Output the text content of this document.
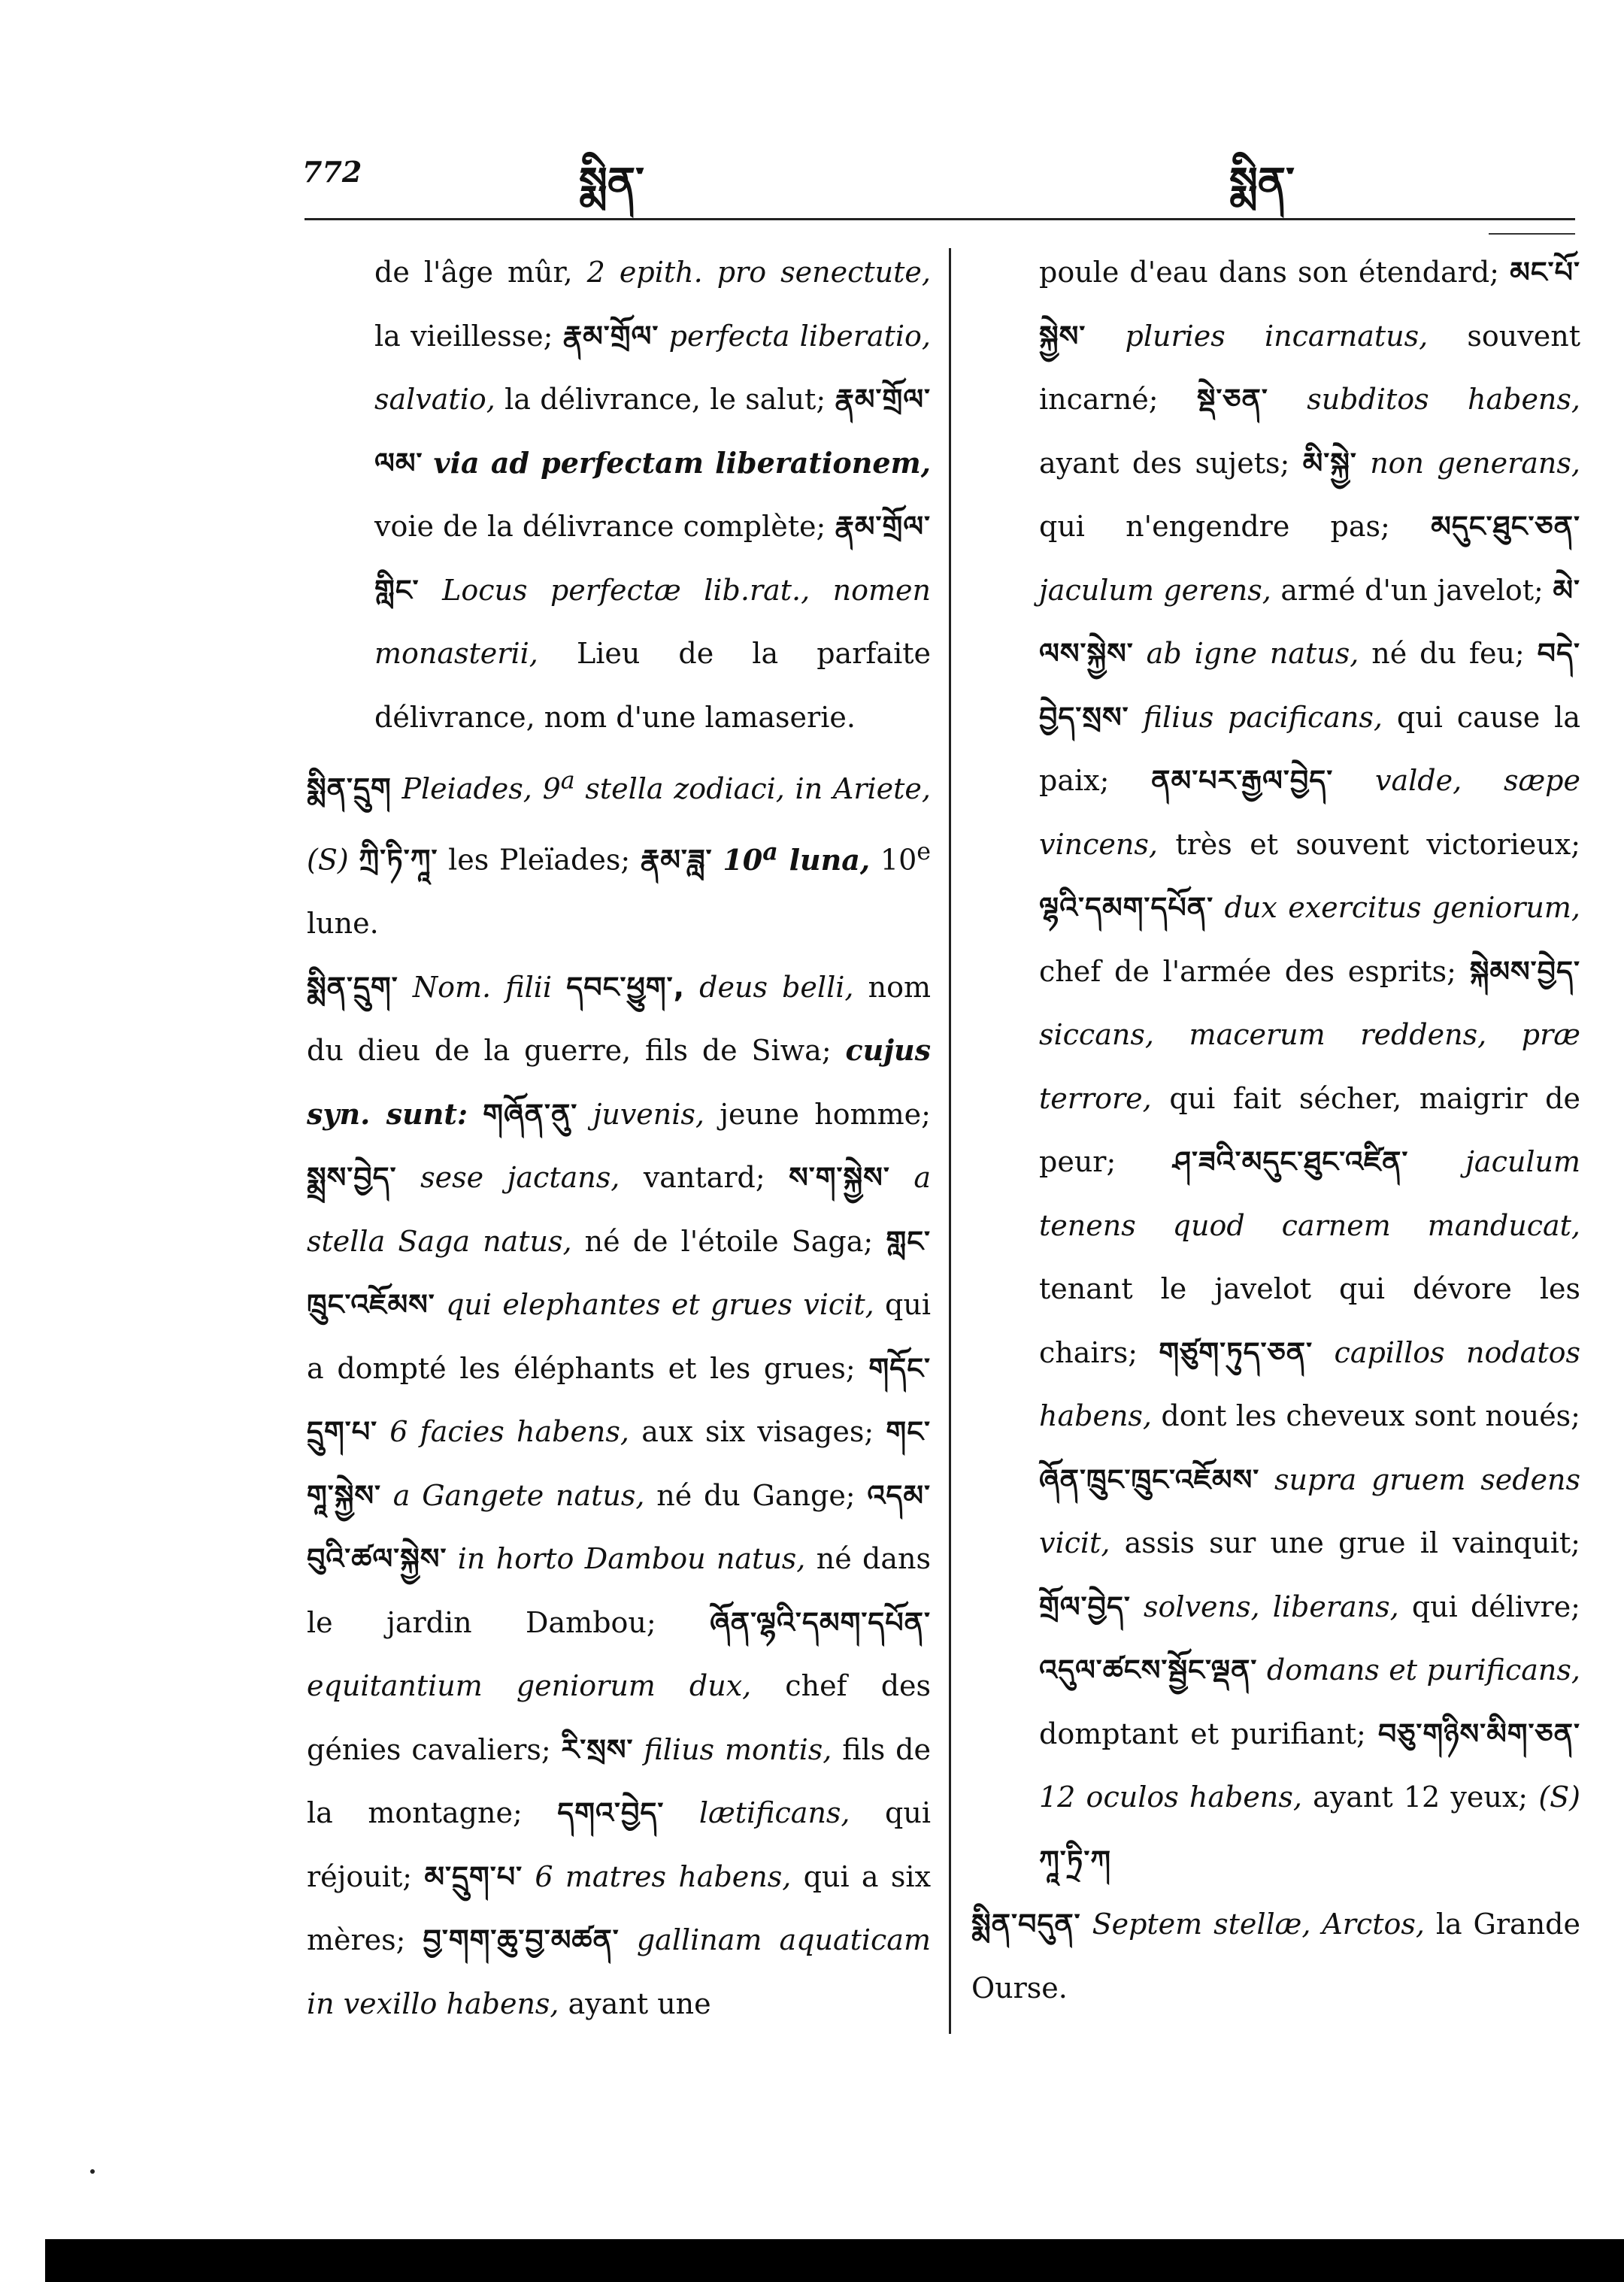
772	སྨིན་	སྨིན་

de l'âge mûr, 2 epith. pro senectute, la vieillesse; རྣམ་གྲོལ་ perfecta liberatio, salvatio, la délivrance, le salut; རྣམ་གྲོལ་ལམ་ via ad perfectam liberationem, voie de la délivrance complète; རྣམ་གྲོལ་གླིང་ Locus perfectæ lib.rat., nomen monasterii, Lieu de la parfaite délivrance, nom d'une lamaserie.

སྨིན་དྲུག Pleiades, 9$^a$ stella zodiaci, in Ariete, (S) ཀྲི་ཏི་ཀཱ་ les Pleïades; རྣམ་ཟླ་ 10$^a$ luna, 10e lune.

སྨིན་དྲུག་ Nom. filii དབང་ཕྱུག་, deus belli, nom du dieu de la guerre, fils de Siwa; cujus syn. sunt: གཞོན་ནུ་ juvenis, jeune homme; སྨྲས་བྱེད་ sese jactans, vantard; ས་ག་སྐྱེས་ a stella Saga natus, né de l'étoile Saga; གླང་ཁྲུང་འཇོམས་ qui elephantes et grues vicit, qui a dompté les éléphants et les grues; གདོང་དྲུག་པ་ 6 facies habens, aux six visages; གང་གཱ་སྐྱེས་ a Gangete natus, né du Gange; འདམ་བུའི་ཚལ་སྐྱེས་ in horto Dambou natus, né dans le jardin Dambou; ཞོན་ལྷའི་དམག་དཔོན་ equitantium geniorum dux, chef des génies cavaliers; རི་སྲས་ filius montis, fils de la montagne; དགའ་བྱེད་ lætificans, qui réjouit; མ་དྲུག་པ་ 6 matres habens, qui a six mères; བྱ་གག་ཆུ་བྱ་མཚན་ gallinam aquaticam in vexillo habens, ayant une

poule d'eau dans son étendard; མང་པོ་སྐྱེས་ pluries incarnatus, souvent incarné; སྡེ་ཅན་ subditos habens, ayant des sujets; མི་སྐྱེ་ non generans, qui n'engendre pas; མདུང་ཐུང་ཅན་ jaculum gerens, armé d'un javelot; མེ་ལས་སྐྱེས་ ab igne natus, né du feu; བདེ་བྱེད་སྲས་ filius pacificans, qui cause la paix; ནམ་པར་རྒྱལ་བྱེད་ valde, sæpe vincens, très et souvent victorieux; ལྷའི་དམག་དཔོན་ dux exercitus geniorum, chef de l'armée des esprits; སྐེམས་བྱེད་ siccans, macerum reddens, præ terrore, qui fait sécher, maigrir de peur; ཤ་ཟའི་མདུང་ཐུང་འཛིན་ jaculum tenens quod carnem manducat, tenant le javelot qui dévore les chairs; གཙུག་ཏུད་ཅན་ capillos nodatos habens, dont les cheveux sont noués; ཞོན་ཁྲུང་ཁྲུང་འཇོམས་ supra gruem sedens vicit, assis sur une grue il vainquit; གྲོལ་བྱེད་ solvens, liberans, qui délivre; འདུལ་ཚངས་སྦྱོང་ལྡན་ domans et purificans, domptant et purifiant; བཅུ་གཉིས་མིག་ཅན་ 12 oculos habens, ayant 12 yeux; (S) ཀཱ་ཏྲི་ཀ

སྨིན་བདུན་ Septem stellæ, Arctos, la Grande Ourse.
